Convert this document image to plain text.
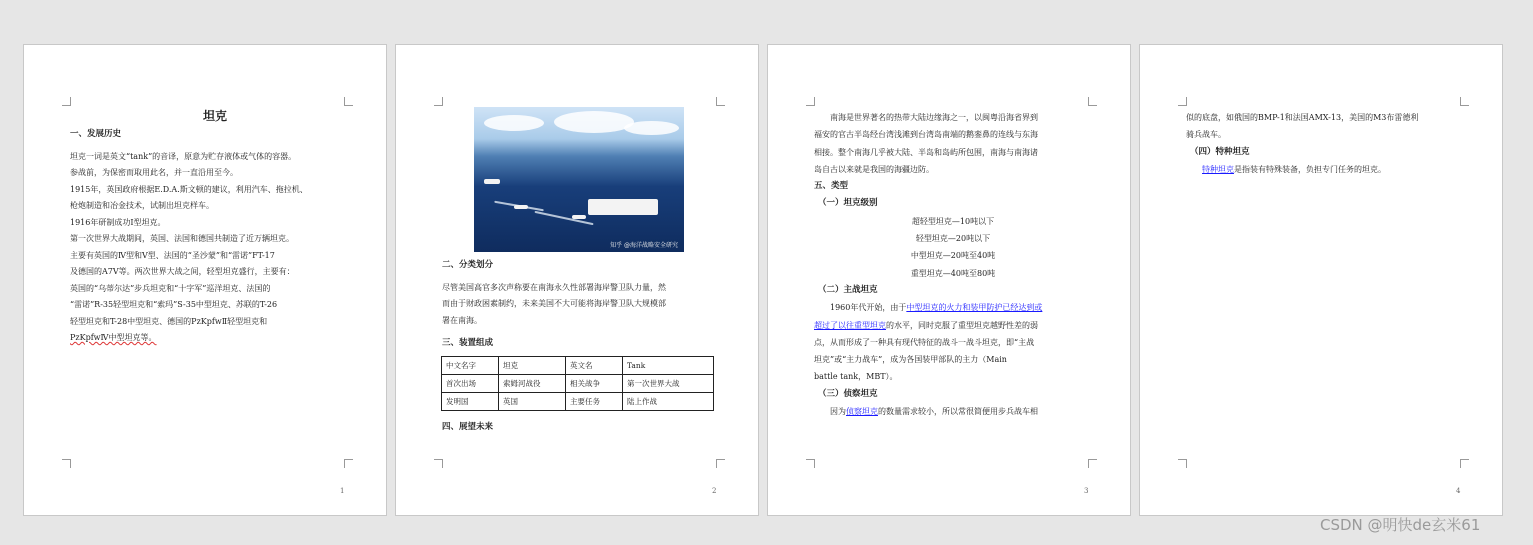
坦克

一、发展历史

坦克一词是英文“tank”的音译，原意为贮存液体或气体的容器。

参战前，为保密而取用此名，并一直沿用至今。

1915年，英国政府根据E.D.A.斯文顿的建议，利用汽车、拖拉机、

枪炮制造和冶金技术，试制出坦克样车。

1916年研制成功Ⅰ型坦克。

第一次世界大战期间，英国、法国和德国共制造了近万辆坦克。

主要有英国的Ⅳ型和Ⅴ型、法国的“圣沙蒙”和“雷诺”FT-17

及德国的A7V等。两次世界大战之间，轻型坦克盛行，主要有：

英国的“乌蒂尔达”步兵坦克和“十字军”巡洋坦克、法国的

“雷诺”R-35轻型坦克和“索玛”S-35中型坦克、苏联的T-26

轻型坦克和T-28中型坦克、德国的PzKpfwⅡ轻型坦克和

PzKpfwⅣ中型坦克等。

1
知乎 @海洋战略安全研究

二、分类划分

尽管美国高官多次声称要在南海永久性部署海岸警卫队力量，然

而由于财政困素制约，未来美国不大可能将海岸警卫队大规模部

署在南海。

三、装置组成

中文名字	坦克	英文名	Tank
首次出场	索姆河战役	相关战争	第一次世界大战
发明国	英国	主要任务	陆上作战

四、展望未来

2

南海是世界著名的热带大陆边缘海之一，以闽粤沿海省界到

福安的官古半岛经台湾浅滩到台湾岛南端的鹅銮鼻的连线与东海

相接。整个南海几乎被大陆、半岛和岛屿所包围，南海与南海诸

岛自古以来就是我国的海疆边防。

五、类型

（一）坦克级别

超轻型坦克—10吨以下

轻型坦克—20吨以下

中型坦克—20吨至40吨

重型坦克—40吨至80吨

（二）主战坦克

1960年代开始，由于中型坦克的火力和装甲防护已经达到或

超过了以往重型坦克的水平，同时克服了重型坦克越野性差的弱

点，从而形成了一种具有现代特征的战斗一战斗坦克，即“主战

坦克”或“主力战车”，成为各国装甲部队的主力（Main

battle tank，MBT）。

（三）侦察坦克

因为侦察坦克的数量需求较小，所以常很简便用步兵战车相

3

似的底盘，如俄国的BMP-1和法国AMX-13，美国的M3布雷德利

骑兵战车。

（四）特种坦克

特种坦克是指装有特殊装备，负担专门任务的坦克。

4
CSDN @明快de玄米61
